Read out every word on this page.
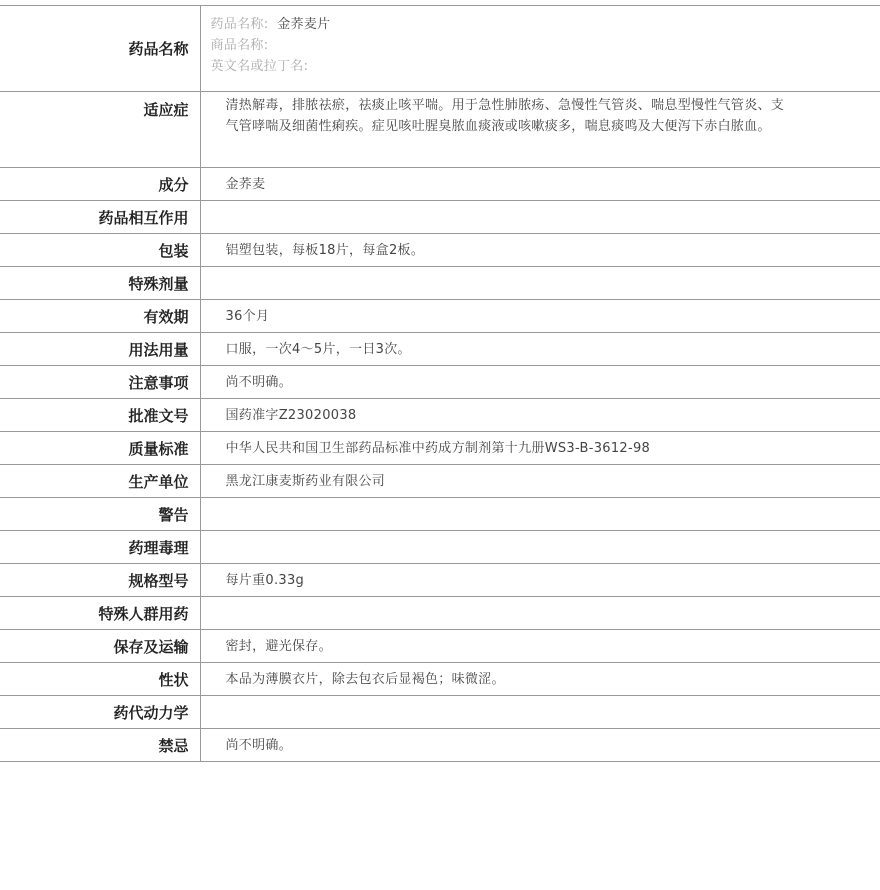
药品名称	药品名称: 金荞麦片
商品名称:
英文名或拉丁名:

适应症	清热解毒，排脓祛瘀，祛痰止咳平喘。用于急性肺脓疡、急慢性气管炎、喘息型慢性气管炎、支气管哮喘及细菌性痢疾。症见咳吐腥臭脓血痰液或咳嗽痰多，喘息痰鸣及大便泻下赤白脓血。
成分	金荞麦
药品相互作用	
包装	铝塑包装，每板18片，每盒2板。
特殊剂量	
有效期	36个月
用法用量	口服，一次4～5片，一日3次。
注意事项	尚不明确。
批准文号	国药准字Z23020038
质量标准	中华人民共和国卫生部药品标准中药成方制剂第十九册WS3-B-3612-98
生产单位	黑龙江康麦斯药业有限公司
警告	
药理毒理	
规格型号	每片重0.33g
特殊人群用药	
保存及运输	密封，避光保存。
性状	本品为薄膜衣片，除去包衣后显褐色；味微涩。
药代动力学	
禁忌	尚不明确。
